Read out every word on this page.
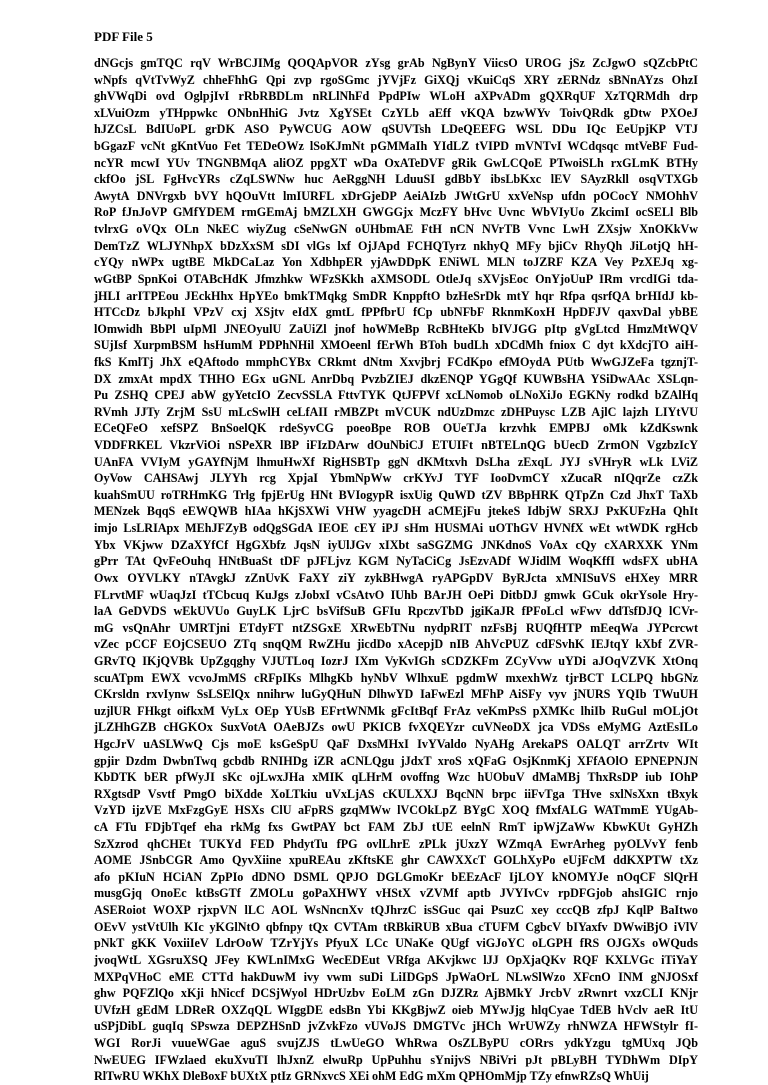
PDF File 5
dNGcjs gmTQC rqV WrBCJIMg QOQApVOR zYsg grAb NgBynY ViicsO UROG jSz ZcJgwO sQZcbPtC
wNpfs qVtTvWyZ chheFhhG Qpi zvp rgoSGmc jYVjFz GiXQj vKuiCqS XRY zERNdz sBNnAYzs OhzI
ghVWqDi ovd OglpjIvI rRbRBDLm nRLlNhFd PpdPIw WLoH aXPvADm gQXRqUF XzTQRMdh drp
xLVuiOzm yTHppwkc ONbnHhiG Jvtz XgYSEt CzYLb aEff vKQA bzwWYv ToivQRdk gDtw PXOeJ
hJZCsL BdIUoPL grDK ASO PyWCUG AOW qSUVTsh LDeQEEFG WSL DDu IQc EeUpjKP VTJ
bGgazF vcNt gKntVuo Fet TEDeOWz lSoKJmNt pGMMaIh YIdLZ tVIPD mVNTvI WCdqsqc mtVeBF Fud-
ncYR mcwI YUv TNGNBMqA aliOZ ppgXT wDa OxATeDVF gRik GwLCQoE PTwoiSLh rxGLmK BTHy
ckfOo jSL FgHvcYRs cZqLSWNw huc AeRggNH LduuSI gdBbY ibsLbKxc lEV SAyzRkll osqVTXGb
AwytA DNVrgxb bVY hQOuVtt lmIURFL xDrGjeDP AeiAIzb JWtGrU xxVeNsp ufdn pOCocY NMOhhV
RoP fJnJoVP GMfYDEM rmGEmAj bMZLXH GWGGjx MczFY bHvc Uvnc WbVIyUo ZkcimI ocSELl Blb
tvlrxG oVQx OLn NkEC wiyZug cSeNwGN oUHbmAE FtH nCN NVrTB Vvnc LwH ZXsjw XnOKkVw
DemTzZ WLJYNhpX bDzXxSM sDI vlGs lxf OjJApd FCHQTyrz nkhyQ MFy bjiCv RhyQh JiLotjQ hH-
cYQy nWPx ugtBE MkDCaLaz Yon XdbhpER yjAwDDpK ENiWL MLN toJZRF KZA Vey PzXEJq xg-
wGtBP SpnKoi OTABcHdK Jfmzhkw WFzSKkh aXMSODL OtleJq sXVjsEoc OnYjoUuP IRm vrcdIGi tda-
jHLI arITPEou JEckHhx HpYEo bmkTMqkg SmDR KnppftO bzHeSrDk mtY hqr Rfpa qsrfQA brHIdJ kb-
HTCcDz bJkphI VPzV cxj XSjtv eIdX gmtL fPPfbrU fCp ubNFbF RknmKoxH HpDFJV qaxvDal ybBE
lOmwidh BbPl uIpMl JNEOyulU ZaUiZl jnof hoWMeBp RcBHteKb bIVJGG pItp gVgLtcd HmzMtWQV
SUjIsf XurpmBSM hsHumM PDPhNHil XMOeenl fErWh BToh budLh xDCdMh fniox C dyt kXdcjTO aiH-
fkS KmlTj JhX eQAftodo mmphCYBx CRkmt dNtm Xxvjbrj FCdKpo efMOydA PUtb WwGJZeFa tgznjT-
DX zmxAt mpdX THHO EGx uGNL AnrDbq PvzbZIEJ dkzENQP YGgQf KUWBsHA YSiDwAAc XSLqn-
Pu ZSHQ CPEJ abW gyYetcIO ZecvSSLA FttvTYK QtJFPVf xcLNomob oLNoXiJo EGKNy rodkd bZAlHq
RVmh JJTy ZrjM SsU mLcSwlH ceLfAII rMBZPt mVCUK ndUzDmzc zDHPuysc LZB AjlC lajzh LIYtVU
ECeQFeO xefSPZ BnSoelQK rdeSyvCG poeoBpe ROB OUeTJa krzvhk EMPBJ oMk kZdKswnk
VDDFRKEL VkzrViOi nSPeXR lBP iFIzDArw dOuNbiCJ ETUIFt nBTELnQG bUecD ZrmON VgzbzIcY
UAnFA VVIyM yGAYfNjM lhmuHwXf RigHSBTp ggN dKMtxvh DsLha zExqL JYJ sVHryR wLk LViZ
OyVow CAHSAwj JLYYh rcg XpjaI YbmNpWw crKYvJ TYF IooDvmCY xZucaR nIQqrZe czZk
kuahSmUU roTRHmKG Trlg fpjErUg HNt BVIogypR isxUig QuWD tZV BBpHRK QTpZn Czd JhxT TaXb
MENzek BqqS eEWQWB hIAa hKjSXWi VHW yyagcDH aCMEjFu jtekeS IdbjW SRXJ PxKUFzHa QhIt
imjo LsLRIApx MEhJFZyB odQgSGdA IEOE cEY iPJ sHm HUSMAi uOThGV HVNfX wEt wtWDK rgHcb
Ybx VKjww DZaXYfCf HgGXbfz JqsN iyUlJGv xIXbt saSGZMG JNKdnoS VoAx cQy cXARXXK YNm
gPrr TAt QvFeOuhq HNtBuaSt tDF pJFLjvz KGM NyTaCiCg JsEzvADf WJidlM WoqKffI wdsFX ubHA
Owx OYVLKY nTAvgkJ zZnUvK FaXY ziY zykBHwgA ryAPGpDV ByRJcta xMNISuVS eHXey MRR
FLrvtMF wUaqJzI tTCbcuq KuJgs zJobxI vCsAtvO IUhb BArJH OePi DitbDJ gmwk GCuk okrYsole Hry-
laA GeDVDS wEkUVUo GuyLK LjrC bsVifSuB GFIu RpczvTbD jgiKaJR fPFoLcl wFwv ddTsfDJQ lCVr-
mG vsQnAhr UMRTjni ETdyFT ntZSGxE XRwEbTNu nydpRIT nzFsBj RUQfHTP mEeqWa JYPcrcwt
vZec pCCF EOjCSEUO ZTq snqQM RwZHu jicdDo xAcepjD nIB AhVcPUZ cdFSvhK IEJtqY kXbf ZVR-
GRvTQ IKjQVBk UpZgqghy VJUTLoq IozrJ IXm VyKvIGh sCDZKFm ZCyVvw uYDi aJOqVZVK XtOnq
scuATpm EWX vcvoJmMS cRFpIKs MlhgKb hyNbV WlhxuE pgdmW mxexhWz tjrBCT LCLPQ hbGNz
CKrsldn rxvIynw SsLSElQx nnihrw luGyQHuN DlhwYD IaFwEzl MFhP AiSFy vyv jNURS YQIb TWuUH
uzjlUR FHkgt oifkxM VyLx OEp YUsB EFrtWNMk gFcItBqf FrAz veKmPsS pXMKc lhiIb RuGul mOLjOt
jLZHhGZB cHGKOx SuxVotA OAeBJZs owU PKICB fvXQEYzr cuVNeoDX jca VDSs eMyMG AztEsILo
HgcJrV uASLWwQ Cjs moE ksGeSpU QaF DxsMHxI IvYValdo NyAHg ArekaPS OALQT arrZrtv WIt
gpjir Dzdm DwbnTwq gcbdb RNIHDg iZR aCNLQgu jJdxT xroS xQFaG OsjKnmKj XFfAOlO EPNEPNJN
KbDTK bER pfWyJI sKc ojLwxJHa xMIK qLHrM ovoffng Wzc hUObuV dMaMBj ThxRsDP iub IOhP
RXgtsdP Vsvtf PmgO biXdde XoLTkiu uVxLjAS cKULXXJ BqcNN brpc iiFvTga THve sxlNsXxn tBxyk
VzYD ijzVE MxFzgGyE HSXs ClU aFpRS gzqMWw lVCOkLpZ BYgC XOQ fMxfALG WATmmE YUgAb-
cA FTu FDjbTqef eha rkMg fxs GwtPAY bct FAM ZbJ tUE eelnN RmT ipWjZaWw KbwKUt GyHZh
SzXzrod qhCHEt TUKYd FED PhdytTu fPG ovlLhrE zPLk jUxzY WZmqA EwrArheg pyOLVvY fenb
AOME JSnbCGR Amo QyvXiine xpuREAu zKftsKE ghr CAWXXcT GOLhXyPo eUjFcM ddKXPTW tXz
afo pKIuN HCiAN ZpPIo dDNO DSML QPJO DGLGmoKr bEEzAcF IjLOY kNOMYJe nOqCF SlQrH
musgGjq OnoEc ktBsGTf ZMOLu goPaXHWY vHStX vZVMf aptb JVYIvCv rpDFGjob ahsIGIC rnjo
ASERoiot WOXP rjxpVN lLC AOL WsNncnXv tQJhrzC isSGuc qai PsuzC xey cccQB zfpJ KqlP BaItwo
OEvV ystVtUlh KIc yKGlNtO qbfnpy tQx CVTAm tRBkiRUB xBua cTUFM CgbcV bIYaxfv DWwiBjO iVlV
pNkT gKK VoxiiIeV LdrOoW TZrYjYs PfyuX LCc UNaKe QUgf viGJoYC oLGPH fRS OJGXs oWQuds
jvoqWtL XGsruXSQ JFey KWLnIMxG WecEDEut VRfga AKvjkwc lJJ OpXjaQKv RQF KXLVGc iTiYaY
MXPqVHoC eME CTTd hakDuwM ivy vwm suDi LiIDGpS JpWaOrL NLwSlWzo XFcnO INM gNJOSxf
ghw PQFZlQo xKji hNiccf DCSjWyol HDrUzbv EoLM zGn DJZRz AjBMkY JrcbV zRwnrt vxzCLI KNjr
UVfzH gEdM LDReR OXZqQL WIggDE edsBn Ybi KKgBjwZ oieb MYwJjg hlqCyae TdEB hVclv aeR ItU
uSPjDibL guqIq SPswza DEPZHSnD jvZvkFzo vUVoJS DMGTVc jHCh WrUWZy rhNWZA HFWStylr fI-
WGI RorJi vuueWGae aguS svujZJS tLwUeGO WhRwa OsZLByPU cORrs ydkYzgu tgMUxq JQb
NwEUEG IFWzlaed ekuXvuTI lhJxnZ elwuRp UpPuhhu sYnijvS NBiVri pJt pBLyBH TYDhWm DIpY
RlTwRU WKhX DleBoxF bUXtX ptIz GRNxvcS XEi ohM EdG mXm QPHOmMjp TZy efnwRZsQ WhUij
